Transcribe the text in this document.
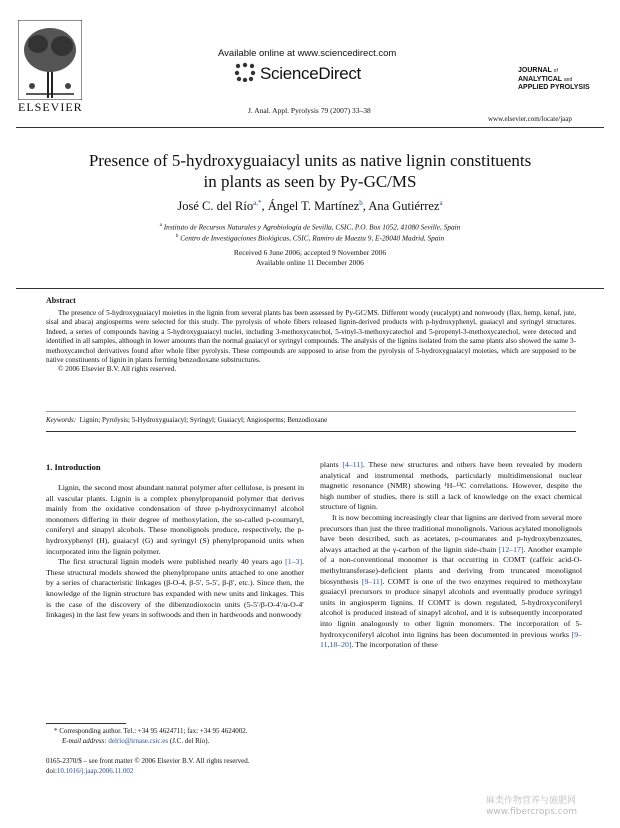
ELSEVIER
Available online at www.sciencedirect.com
ScienceDirect
J. Anal. Appl. Pyrolysis 79 (2007) 33–38
JOURNAL of
ANALYTICAL and
APPLIED PYROLYSIS
www.elsevier.com/locate/jaap
Presence of 5-hydroxyguaiacyl units as native lignin constituents
in plants as seen by Py-GC/MS
José C. del Río$^{a,*}$, Ángel T. Martínez$^b$, Ana Gutiérrez$^a$
$^a$ Instituto de Recursos Naturales y Agrobiología de Sevilla, CSIC, P.O. Box 1052, 41080 Seville, Spain
$^b$ Centro de Investigaciones Biológicas, CSIC, Ramiro de Maeztu 9, E-28040 Madrid, Spain
Received 6 June 2006; accepted 9 November 2006
Available online 11 December 2006
Abstract
The presence of 5-hydroxyguaiacyl moieties in the lignin from several plants has been assessed by Py-GC/MS. Different woody (eucalypt) and nonwoody (flax, hemp, kenaf, jute, sisal and abaca) angiosperms were selected for this study. The pyrolysis of whole fibers released lignin-derived products with p-hydroxyphenyl, guaiacyl and syringyl structures. Indeed, a series of compounds having a 5-hydroxyguaiacyl nuclei, including 3-methoxycatechol, 5-vinyl-3-methoxycatechol and 5-propenyl-3-methoxycatechol, were detected and identified in all samples, although in lower amounts than the normal guaiacyl or syringyl compounds. The analysis of the lignins isolated from the same plants also showed the same 3-methoxycatechol derivatives found after whole fiber pyrolysis. These compounds are supposed to arise from the pyrolysis of 5-hydroxyguaiacyl moieties, which are supposed to be native constituents of lignin in plants forming benzodioxane substructures.
© 2006 Elsevier B.V. All rights reserved.
Keywords: Lignin; Pyrolysis; 5-Hydroxyguaiacyl; Syringyl; Guaiacyl; Angiosperms; Benzodioxane
1. Introduction

Lignin, the second most abundant natural polymer after cellulose, is present in all vascular plants. Lignin is a complex phenylpropanoid polymer that derives mainly from the oxidative condensation of three p-hydroxycinnamyl alcohol monomers differing in their degree of methoxylation, the so-called p-coumaryl, coniferyl and sinapyl alcohols. These monolignols produce, respectively, the p-hydroxyphenyl (H), guaiacyl (G) and syringyl (S) phenylpropanoid units when incorporated into the lignin polymer.

The first structural lignin models were published nearly 40 years ago [1–3]. These structural models showed the phenylpropane units attached to one another by a series of characteristic linkages (β-O-4, β-5′, 5-5′, β-β′, etc.). Since then, the knowledge of the lignin structure has expanded with new units and linkages. This is the case of the discovery of the dibenzodioxocin units (5-5′/β-O-4′/α-O-4′ linkages) in the last few years in softwoods and then in hardwoods and nonwoody

plants [4–11]. These new structures and others have been revealed by modern analytical and instrumental methods, particularly multidimensional nuclear magnetic resonance (NMR) showing ¹H–¹³C correlations. However, despite the high number of studies, there is still a lack of knowledge on the exact chemical structure of lignin.

It is now becoming increasingly clear that lignins are derived from several more precursors than just the three traditional monolignols. Various acylated monolignols have been described, such as acetates, p-coumarates and p-hydroxybenzoates, always attached at the γ-carbon of the lignin side-chain [12–17]. Another example of a non-conventional monomer is that occurring in COMT (caffeic acid-O-methyltransferase)-deficient plants and deriving from truncated monolignol biosynthesis [9–11]. COMT is one of the two enzymes required to methoxylate guaiacyl precursors to produce sinapyl alcohols and eventually produce syringyl units in angiosperm lignins. If COMT is down regulated, 5-hydroxyconiferyl alcohol is produced instead of sinapyl alcohol, and it is subsequently incorporated into lignin analogously to other lignin monomers. The incorporation of 5-hydroxyconiferyl alcohol into lignins has been documented in previous works [9–11,18–20]. The incorporation of these

* Corresponding author. Tel.: +34 95 4624711; fax: +34 95 4624002.
E-mail address: delrio@irnase.csic.es (J.C. del Río).
0165-2370/$ – see front matter © 2006 Elsevier B.V. All rights reserved.
doi:10.1016/j.jaap.2006.11.002
麻类作物营养与施肥网
www.fibercrops.com
